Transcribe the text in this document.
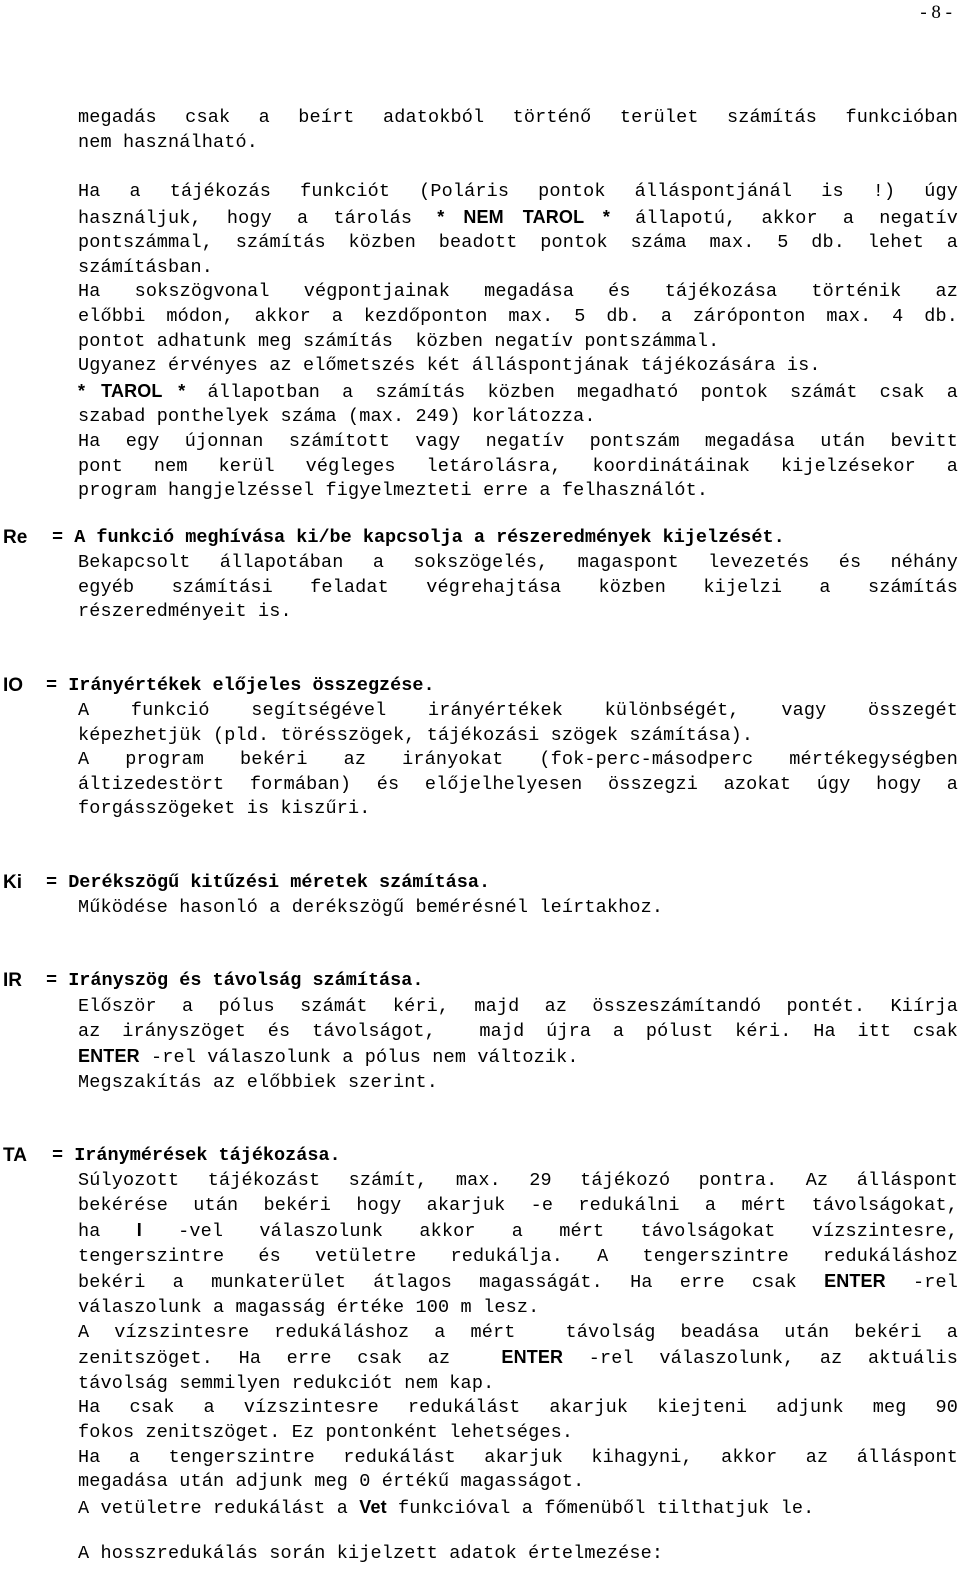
- 8 -

megadás csak a beírt adatokból történő terület számítás funkcióban

nem használható.

Ha a tájékozás funkciót (Poláris pontok álláspontjánál is !) úgy

használjuk, hogy a tárolás * NEM TAROL * állapotú, akkor a negatív

pontszámmal, számítás közben beadott pontok száma max. 5 db. lehet a

számításban.

Ha sokszögvonal végpontjainak megadása és tájékozása történik az

előbbi módon, akkor a kezdőponton max. 5 db. a záróponton max. 4 db.

pontot adhatunk meg számítás  közben negatív pontszámmal.

Ugyanez érvényes az előmetszés két álláspontjának tájékozására is.

* TAROL * állapotban a számítás közben megadható pontok számát csak a

szabad ponthelyek száma (max. 249) korlátozza.

Ha egy újonnan számított vagy negatív pontszám megadása után bevitt

pont nem kerül végleges letárolásra, koordinátáinak kijelzésekor a

program hangjelzéssel figyelmezteti erre a felhasználót.

Re = A funkció meghívása ki/be kapcsolja a részeredmények kijelzését.

Bekapcsolt állapotában a sokszögelés, magaspont levezetés és néhány

egyéb számítási feladat végrehajtása közben kijelzi a számítás

részeredményeit is.

IO = Irányértékek előjeles összegzése.

A funkció segítségével irányértékek különbségét, vagy összegét

képezhetjük (pld. törésszögek, tájékozási szögek számítása).

A program bekéri az irányokat (fok-perc-másodperc mértékegységben

áltizedestört formában) és előjelhelyesen összegzi azokat úgy hogy a

forgásszögeket is kiszűri.

Ki = Derékszögű kitűzési méretek számítása.

Működése hasonló a derékszögű bemérésnél leírtakhoz.

IR = Irányszög és távolság számítása.

Először a pólus számát kéri, majd az összeszámítandó pontét. Kiírja

az irányszöget és távolságot,  majd újra a pólust kéri. Ha itt csak

ENTER -rel válaszolunk a pólus nem változik.

Megszakítás az előbbiek szerint.

TA = Iránymérések tájékozása.

Súlyozott tájékozást számít, max. 29 tájékozó pontra. Az álláspont

bekérése után bekéri hogy akarjuk -e redukálni a mért távolságokat,

ha I -vel válaszolunk akkor a mért távolságokat vízszintesre,

tengerszintre és vetületre redukálja. A tengerszintre redukáláshoz

bekéri a munkaterület átlagos magasságát. Ha erre csak ENTER -rel

válaszolunk a magasság értéke 100 m lesz.

A vízszintesre redukáláshoz a mért  távolság beadása után bekéri a

zenitszöget. Ha erre csak az  ENTER -rel válaszolunk, az aktuális

távolság semmilyen redukciót nem kap.

Ha csak a vízszintesre redukálást akarjuk kiejteni adjunk meg 90

fokos zenitszöget. Ez pontonként lehetséges.

Ha a tengerszintre redukálást akarjuk kihagyni, akkor az álláspont

megadása után adjunk meg 0 értékű magasságot.

A vetületre redukálást a Vet funkcióval a főmenüből tilthatjuk le.

A hosszredukálás során kijelzett adatok értelmezése:
